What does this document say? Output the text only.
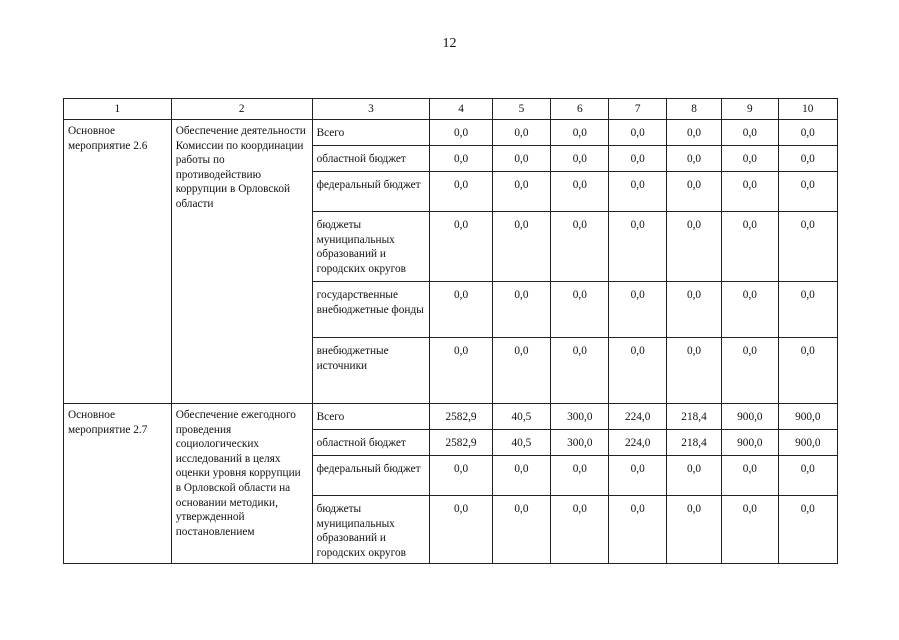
12
1	2	3	4	5	6	7	8	9	10
Основное мероприятие 2.6	Обеспечение деятельности Комиссии по координации работы по противодействию коррупции в Орловской области	Всего	0,0	0,0	0,0	0,0	0,0	0,0	0,0
		областной бюджет	0,0	0,0	0,0	0,0	0,0	0,0	0,0
		федеральный бюджет	0,0	0,0	0,0	0,0	0,0	0,0	0,0
		бюджеты муниципальных образований и городских округов	0,0	0,0	0,0	0,0	0,0	0,0	0,0
		государственные внебюджетные фонды	0,0	0,0	0,0	0,0	0,0	0,0	0,0
		внебюджетные источники	0,0	0,0	0,0	0,0	0,0	0,0	0,0
Основное мероприятие 2.7	Обеспечение ежегодного проведения социологических исследований в целях оценки уровня коррупции в Орловской области на основании методики, утвержденной постановлением	Всего	2582,9	40,5	300,0	224,0	218,4	900,0	900,0
		областной бюджет	2582,9	40,5	300,0	224,0	218,4	900,0	900,0
		федеральный бюджет	0,0	0,0	0,0	0,0	0,0	0,0	0,0
		бюджеты муниципальных образований и городских округов	0,0	0,0	0,0	0,0	0,0	0,0	0,0
